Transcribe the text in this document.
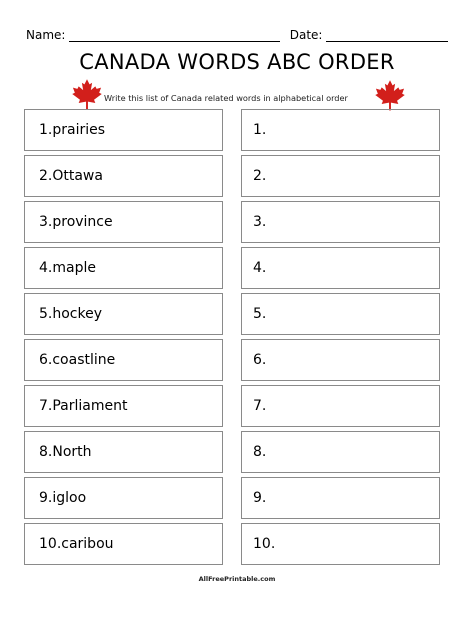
Name:	Date:
CANADA WORDS ABC ORDER
Write this list of Canada related words in alphabetical order
1.prairies
2.Ottawa
3.province
4.maple
5.hockey
6.coastline
7.Parliament
8.North
9.igloo
10.caribou
1.
2.
3.
4.
5.
6.
7.
8.
9.
10.
AllFreePrintable.com
